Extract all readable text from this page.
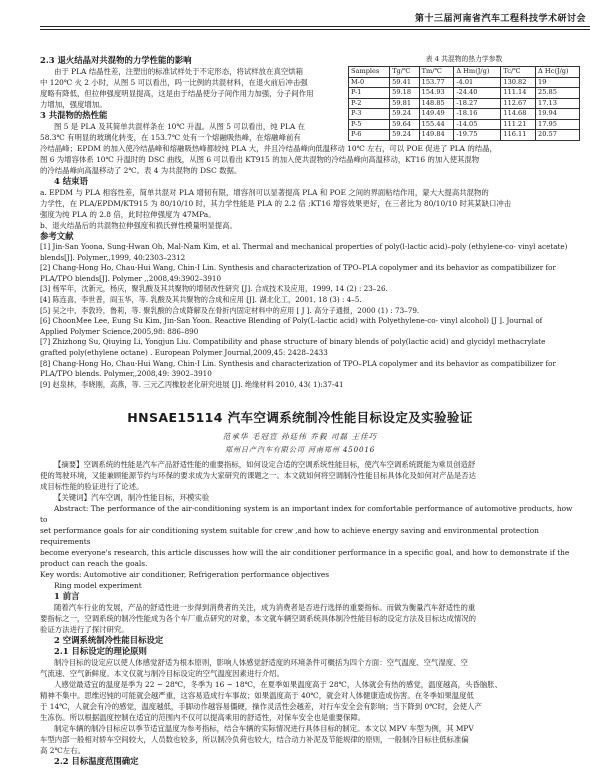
第十三届河南省汽车工程科技学术研讨会
2.3 退火结晶对共混物的力学性能的影响
由于 PLA 结晶性差，注塑出的标准试样处于不定形态，将试样放在真空烘箱
中 120℃ 火 2 小时，从图 5 可以看出，吗一比例的共混材料，在退火前后冲击强
度略有降低，但拉伸强度明显提高，这是由于结晶使分子间作用力加强，分子间作用
力增加，强度增加。
3 共混物的热性能
图 5 是 PLA 及其简单共混样条在 10℃ 升温。从图 5 可以看出，纯 PLA 在
58.3℃ 有明显的玻璃化转变，在 153.7℃ 处有一个熔融吸热峰，在熔融峰前有
表 4 共混物的热力学参数
Samples	Tg/℃	Tm/℃	Δ Hm(J/g)	Tc/℃	Δ Hc(J/g)
M-0	59.41	153.77	-4.01	130.82	19
P-1	59.18	154.93	-24.40	111.14	25.85
P-2	59.81	148.85	-18.27	112.67	17.13
P-3	59.24	149.49	-18.16	114.68	19.94
P-5	59.64	155.44	-14.05	111.21	17.95
P-6	59.24	149.84	-19.75	116.11	20.57
冷结晶峰；EPDM 的加入使冷结晶峰和熔融吸热峰都较纯 PLA 大，并且冷结晶峰向低温移动 10℃ 左右，可以 POE 促进了 PLA 的结晶，
图 6 为增容体系 10℃ 升温时的 DSC 曲线，从图 6 可以看出 KT915 的加入使共混物的冷结晶峰向高温移动，KT16 的加入使其混物
的冷结晶峰向高温移动了 2℃。表 4 为共混物的 DSC 数据。
4 结束语
a. EPDM 与 PLA 相容性差，简单共混对 PLA 增韧有限，增容剂可以显著提高 PLA 和 POE 之间的界面粘结作用，蒙大大提高共混物的
力学性，在 PLA/EPDM/KT915 为 80/10/10 时，其力学性能是 PLA 的 2.2 倍 ;KT16 增容效果更好，在三者比为 80/10/10 时其某缺口冲击
强度为纯 PLA 的 2.8 倍，此时拉伸强度为 47MPa。
b、退火结晶后的共混物拉伸强度和损氏弹性模量明显提高。
参考文献
[1] Jin-San Yoona, Sung-Hwan Oh, Mal-Nam Kim, et al. Thermal and mechanical properties of poly(l-lactic acid)–poly (ethylene-co- vinyl acetate)
blends[J]. Polymer,,1999, 40:2303–2312
[2] Chang-Hong Ho, Chau-Hui Wang, Chin-I Lin. Synthesis and characterization of TPO–PLA copolymer and its behavior as compatibilizer for
PLA/TPO blends[J]. Polymer ,,2008,49:3902–3910
[3] 杨军年，沈新元，杨庆，聚乳酸及其共聚物的增韧改性研究 [J]. 合成技术及应用，1999, 14 (2) : 23–26.
[4] 陈连喜，李世普，阎玉华，等. 乳酸及其共聚物的合成和应用 [J]. 湖北化工，2001, 18 (3) : 4–5.
[5] 吴之中，李敦玲，鲁莉，等. 聚乳酸的合成降解及在骨折内固定材料中的应用 [ J ]. 高分子通报，2000 (1) : 73–79.
[6] ChoonMee Lee, Eung Su Kim, Jin-San Yoon. Reactive Blending of Poly(L-lactic acid) with Polyethylene-co- vinyl alcohol) [J ]. Journal of
Applied Polymer Science,2005,98: 886–890
[7] Zhizhong Su, Qiuying Li, Yongjun Liu. Compatibility and phase structure of binary blends of poly(lactic acid) and glycidyl methacrylate
grafted poly(ethylene octane) . European Polymer Journal,2009,45: 2428–2433
[8] Chang-Hong Ho, Chau-Hui Wang, Chin-I Lin. Synthesis and characterization of TPO–PLA copolymer and its behavior as compatibilizer for
PLA/TPO blends. Polymer,,2008,49: 3902–3910
[9] 赵泉林，李晓刚，高燕，等. 三元乙丙橡胶老化研究进展 [J]. 绝缘材料 2010, 43( 1):37-41
HNSAE15114 汽车空调系统制冷性能目标设定及实验验证
范承华 毛冠宣 孙廷伟 乔毅 司磊 王佳巧
郑州日产汽车有限公司 河南郑州 450016
【摘要】空调系统的性能是汽车产品舒适性能的重要指标，如何设定合适的空调系统性能目标，使汽车空调系统既能为乘员创造舒
使的驾驶环境，又能兼顾能源节约与环保的要求成为大家研究的课题之一。本文就如何将空调制冷性能目标具体化及如何对产品是否达
成目标性能的验证进行了论述。
【关键词】汽车空调，制冷性能目标，环模实验
Abstract: The performance of the air-conditioning system is an important index for comfortable performance of automotive products, how to
set performance goals for air conditioning system suitable for crew ,and how to achieve energy saving and environmental protection requirements
become everyone's research, this article discusses how will the air conditioner performance in a specific goal, and how to demonstrate if the
product can reach the goals.
Key words: Automotive air conditioner, Refrigeration performance objectives
Ring model experiment
1 前言
随着汽车行业的发展，产品的舒适性进一步得到消费者的关注，成为消费者是否进行选择的重要指标。而做为衡量汽车舒适性的重
要指标之一，空调系统的制冷性能成为各个车厂重点研究的对象，本文就车辆空调系统具体制冷性能目标的设定方法及目标达成情况的
验证方法进行了探讨研究。
2 空调系统制冷性能目标设定
2.1 目标设定的理论原则
制冷目标的设定应以使人体感觉舒适为根本原则，影响人体感觉舒适度的环境条件可概括为四个方面：空气温度、空气湿度、空
气流速、空气新鲜度。本文仅就与制冷目标设定的空气温度因素进行介绍。
人感觉最适宜的温度是季为 22 ~ 28℃，冬季为 16 ~ 18℃，在夏季如果温度高于 28℃，人体就会有热的感觉，温度越高，头昏脑胀、
精神不集中。思维迟钝的可能就会越严重，这容易造成行车事故；如果温度高于 40℃，就会对人体健康造成伤害。在冬季如果温度低
于 14℃，人就会有冷的感觉，温度越低，手脚动作越容易僵硬，操作灵活性会越差，对行车安全会有影响；当下降到 0℃时，会使人产
生冻伤。所以根据温度控制在适宜的范围内不仅可以提高乘用的舒适性，对保车安全也是重要保障。
制定车辆的制冷目标应以季节适宜温度为参考指标，结合车辆的实际情况进行具体目标的制定。本文以 MPV 车型为例，其 MPV
车型内部一般相对轿车空间较大，人员数也较多，所以制冷负荷也较大，结合动力补泥及节能规律的原则，一般制冷目标往低标准偏
高 2℃左右。
2.2 目标温度范围确定
